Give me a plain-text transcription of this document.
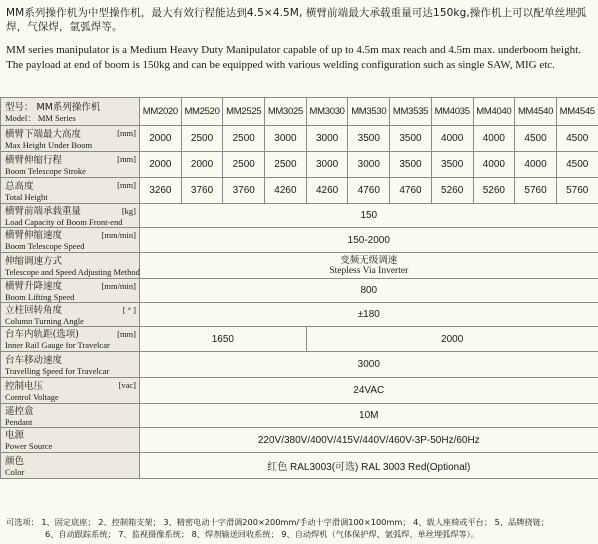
MM系列操作机为中型操作机，最大有效行程能达到4.5×4.5M, 横臂前端最大承载重量可达150kg,操作机上可以配单丝埋弧焊，气保焊，氩弧焊等。

MM series manipulator is a Medium Heavy Duty Manipulator capable of up to 4.5m max reach and 4.5m max. underboom height. The payload at end of boom is 150kg and can be equipped with various welding configuration such as single SAW, MIG etc.

型号： MM系列操作机
Model： MM Series	MM2020	MM2520	MM2525	MM3025	MM3030	MM3530	MM3535	MM4035	MM4040	MM4540	MM4545

横臂下端最大高度
Max Height Under Boom
[mm]	2000	2500	2500	3000	3000	3500	3500	4000	4000	4500	4500

横臂伸缩行程
Boom Telescope Stroke
[mm]	2000	2000	2500	2500	3000	3000	3500	3500	4000	4000	4500

总高度
Total Height
[mm]	3260	3760	3760	4260	4260	4760	4760	5260	5260	5760	5760

横臂前端承载重量
Load Capacity of Boom Front-end
[kg]	150										

横臂伸缩速度
Boom Telescope Speed
[mm/min]	150-2000										

伸缩调速方式
Telescope and Speed Adjusting Method	变频无级调速
Stepless Via Inverter										

横臂升降速度
Boom Lifting Speed
[mm/min]	800										

立柱回转角度
Column Turning Angle
[ ° ]	±180										

台车内轨距(选项)
Inner Rail Gauge for Travelcar
[mm]	1650				2000						

台车移动速度
Travelling Speed for Travelcar	3000										

控制电压
Control Voltage
[vac]	24VAC										

遥控盒
Pendant	10M										

电源
Power Source	220V/380V/400V/415V/440V/460V-3P-50Hz/60Hz										

颜色
Color	红色 RAL3003(可选) RAL 3003 Red(Optional)										
可选项： 1、固定底座； 2、控制箱支架； 3、精密电动十字滑调200×200mm/手动十字滑调100×100mm； 4、载人座椅或平台； 5、品牌挠链；
6、自动跟踪系统； 7、监视摄像系统； 8、焊剂输送回收系统； 9、自动焊机（气体保护焊、氩弧焊、单丝埋弧焊等）。
